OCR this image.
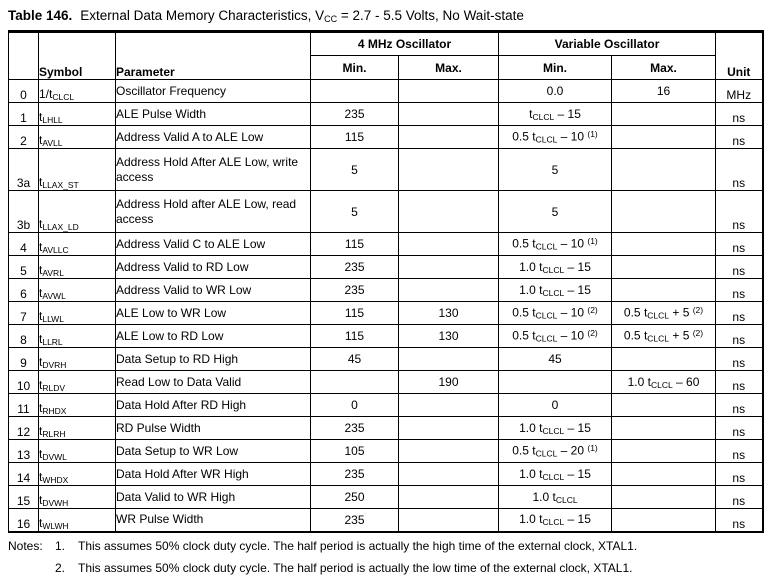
Table 146. External Data Memory Characteristics, VCC = 2.7 - 5.5 Volts, No Wait-state
	Symbol	Parameter	4 MHz Oscillator		Variable Oscillator		Unit
			Min.	Max.	Min.	Max.	
0	$1/t_{CLCL}$	Oscillator Frequency			0.0	16	MHz
1	$t_{LHLL}$	ALE Pulse Width	235		$t_{CLCL} - 15$		ns
2	$t_{AVLL}$	Address Valid A to ALE Low	115		0.5 $t_{CLCL} - 10$ $^{(1)}$		ns
3a	$t_{LLAX\_ST}$	Address Hold After ALE Low, write access	5		5		ns
3b	$t_{LLAX\_LD}$	Address Hold after ALE Low, read access	5		5		ns
4	$t_{AVLLC}$	Address Valid C to ALE Low	115		0.5 $t_{CLCL} - 10$ $^{(1)}$		ns
5	$t_{AVRL}$	Address Valid to RD Low	235		1.0 $t_{CLCL} - 15$		ns
6	$t_{AVWL}$	Address Valid to WR Low	235		1.0 $t_{CLCL} - 15$		ns
7	$t_{LLWL}$	ALE Low to WR Low	115	130	0.5 $t_{CLCL} - 10$ $^{(2)}$	0.5 $t_{CLCL} + 5$ $^{(2)}$	ns
8	$t_{LLRL}$	ALE Low to RD Low	115	130	0.5 $t_{CLCL} - 10$ $^{(2)}$	0.5 $t_{CLCL} + 5$ $^{(2)}$	ns
9	$t_{DVRH}$	Data Setup to RD High	45		45		ns
10	$t_{RLDV}$	Read Low to Data Valid		190		1.0 $t_{CLCL} - 60$	ns
11	$t_{RHDX}$	Data Hold After RD High	0		0		ns
12	$t_{RLRH}$	RD Pulse Width	235		1.0 $t_{CLCL} - 15$		ns
13	$t_{DVWL}$	Data Setup to WR Low	105		0.5 $t_{CLCL} - 20$ $^{(1)}$		ns
14	$t_{WHDX}$	Data Hold After WR High	235		1.0 $t_{CLCL} - 15$		ns
15	$t_{DVWH}$	Data Valid to WR High	250		1.0 $t_{CLCL}$		ns
16	$t_{WLWH}$	WR Pulse Width	235		1.0 $t_{CLCL} - 15$		ns
Notes:	1.	This assumes 50% clock duty cycle. The half period is actually the high time of the external clock, XTAL1.
2.	This assumes 50% clock duty cycle. The half period is actually the low time of the external clock, XTAL1.
